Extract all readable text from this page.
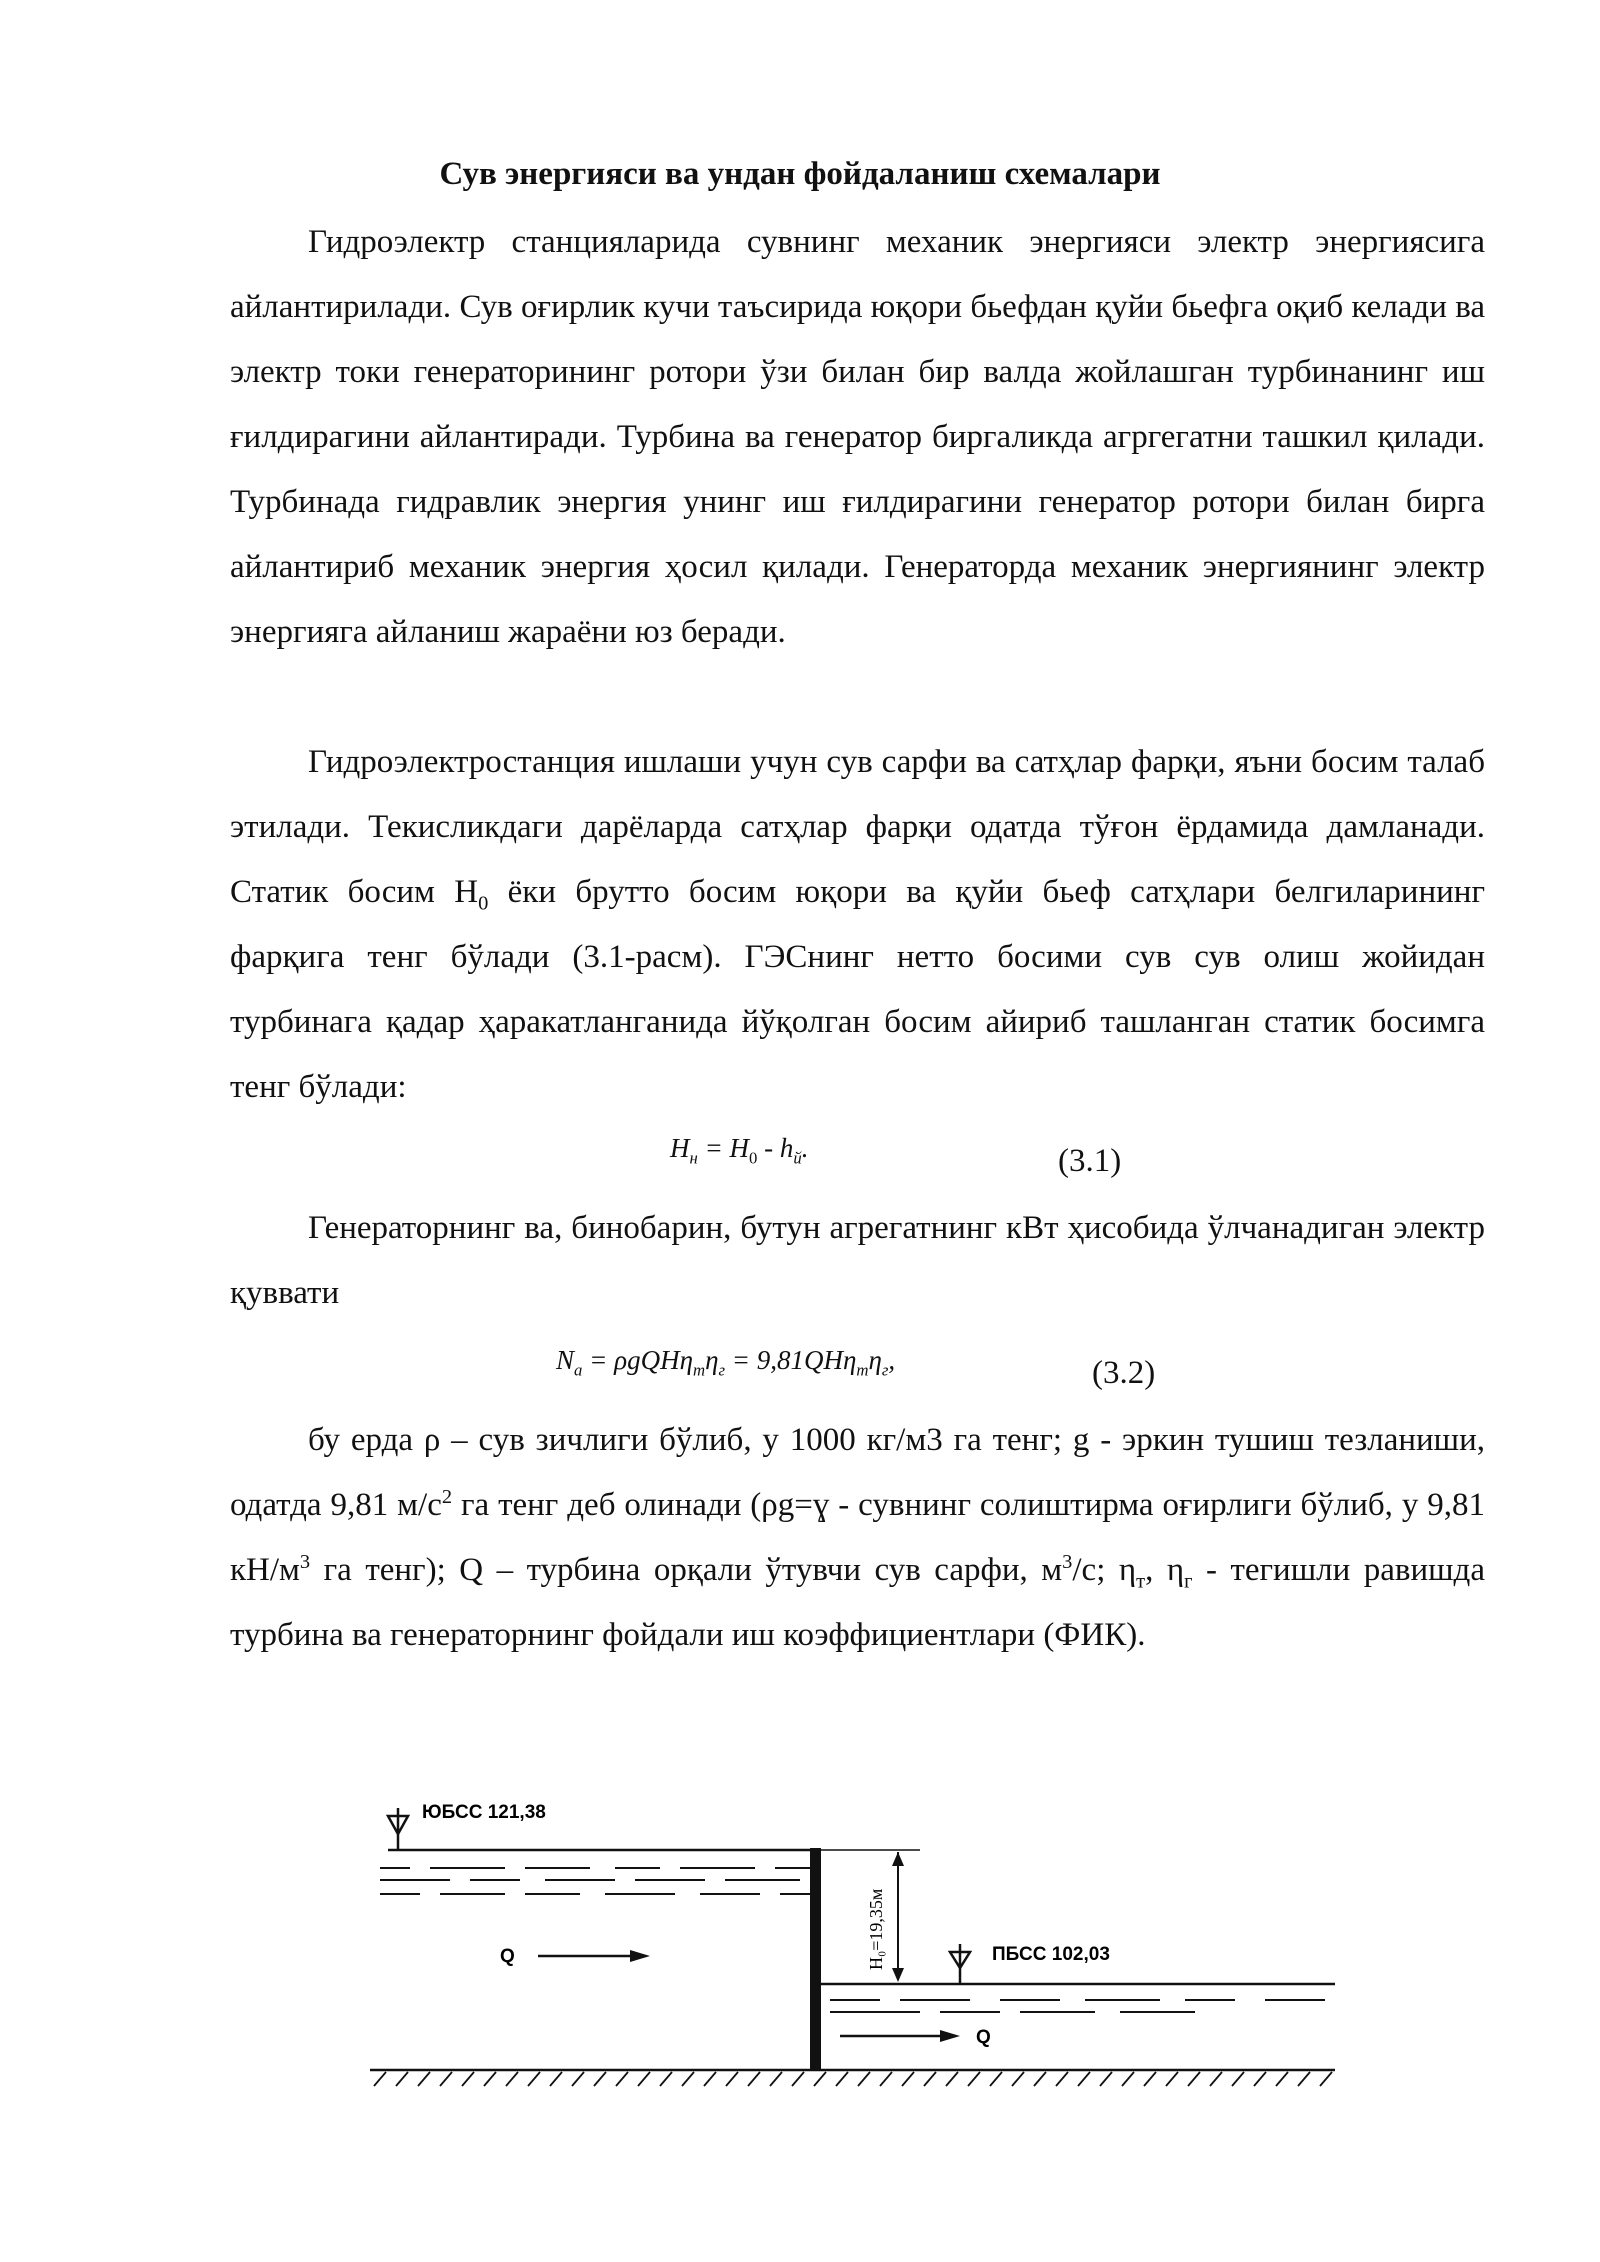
Сув энергияси ва ундан фойдаланиш схемалари

Гидроэлектр станцияларида сувнинг механик энергияси электр энергиясига айлантирилади. Сув оғирлик кучи таъсирида юқори бьефдан қуйи бьефга оқиб келади ва электр токи генераторининг ротори ўзи билан бир валда жойлашган турбинанинг иш ғилдирагини айлантиради. Турбина ва генератор биргаликда агргегатни ташкил қилади. Турбинада гидравлик энергия унинг иш ғилдирагини генератор ротори билан бирга айлантириб механик энергия ҳосил қилади. Генераторда механик энергиянинг электр энергияга айланиш жараёни юз беради.

Гидроэлектростанция ишлаши учун сув сарфи ва сатҳлар фарқи, яъни босим талаб этилади. Текисликдаги дарёларда сатҳлар фарқи одатда тўғон ёрдамида дамланади. Статик босим $Н_0$ ёки брутто босим юқори ва қуйи бьеф сатҳлари белгиларининг фарқига тенг бўлади (3.1-расм). ГЭСнинг нетто босими сув сув олиш жойидан турбинага қадар ҳаракатланганида йўқолган босим айириб ташланган статик босимга тенг бўлади:

$H_н = H_0 - h_й$.	(3.1)

Генераторнинг ва, бинобарин, бутун агрегатнинг кВт ҳисобида ўлчанадиган электр қуввати

$N_а = \rho gQH\eta_т\eta_г = 9,81QH\eta_т\eta_г$,	(3.2)

бу ерда ρ – сув зичлиги бўлиб, у 1000 кг/м3 га тенг; g - эркин тушиш тезланиши, одатда 9,81 $м/с^2$ га тенг деб олинади (ρg=ɣ - сувнинг солиштирма оғирлиги бўлиб, у 9,81 $кН/м^3$ га тенг); Q – турбина орқали ўтувчи сув сарфи, $м^3/с$; $\eta_т$, $\eta_г$ - тегишли равишда турбина ва генераторнинг фойдали иш коэффициентлари (ФИК).

ЮБСС 121,38
Q	H₀=19,35м	ПБСС 102,03
Q
